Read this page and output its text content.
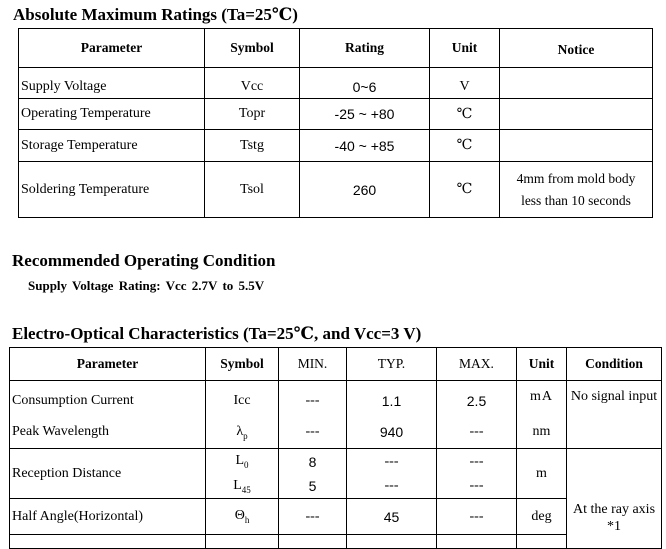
Absolute Maximum Ratings (Ta=25℃)
Parameter	Symbol	Rating	Unit	Notice
Supply Voltage	Vcc	0~6	V	
Operating Temperature	Topr	-25 ~ +80	℃	
Storage Temperature	Tstg	-40 ~ +85	℃	
Soldering Temperature	Tsol	260	℃	4mm from mold body
less than 10 seconds
Recommended Operating Condition
Supply Voltage Rating: Vcc 2.7V to 5.5V
Electro-Optical Characteristics (Ta=25℃, and Vcc=3 V)
Parameter	Symbol	MIN.	TYP.	MAX.	Unit	Condition
Consumption Current	Icc	---	1.1	2.5	mA	No signal input
Peak Wavelength	$\lambda_p$	---	940	---	nm	
Reception Distance	$L_0$	8	---	---	m	At the ray axis
*1

	$L_{45}$	5	---	---		
Half Angle(Horizontal)	$\Theta_h$	---	45	---	deg	
